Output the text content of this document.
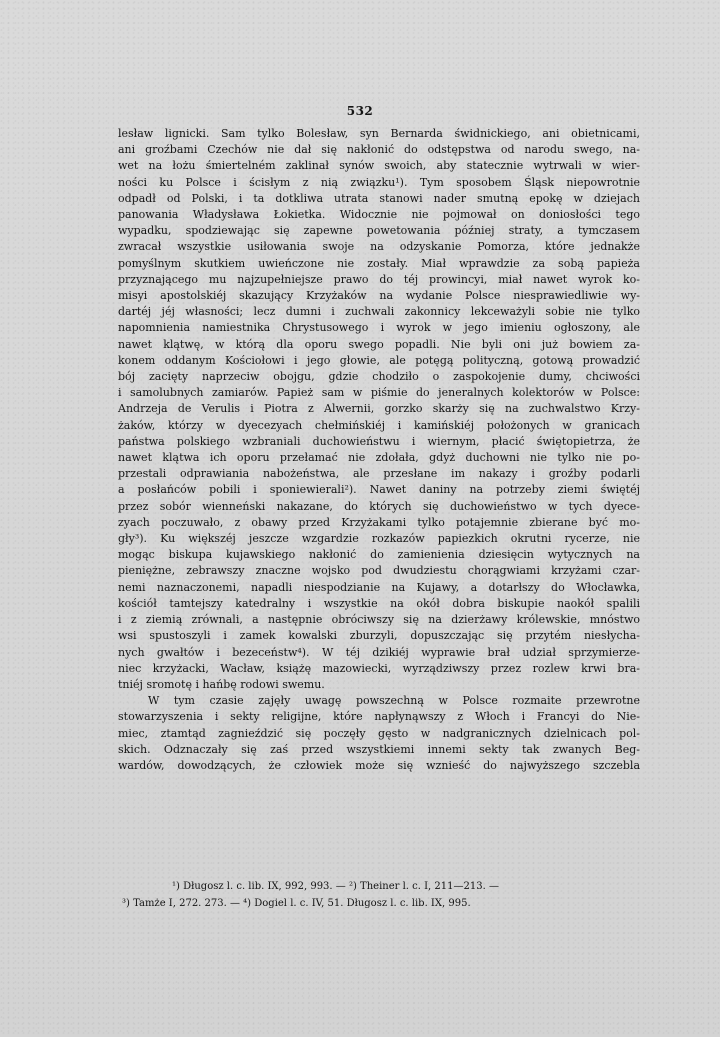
532

lesław lignicki. Sam tylko Bolesław, syn Bernarda świdnickiego, ani obietnicami,

ani groźbami Czechów nie dał się nakłonić do odstępstwa od narodu swego, na-

wet na łożu śmiertelném zaklinał synów swoich, aby statecznie wytrwali w wier-

ności ku Polsce i ścisłym z nią związku¹). Tym sposobem Śląsk niepowrotnie

odpadł od Polski, i ta dotkliwa utrata stanowi nader smutną epokę w dziejach

panowania Władysława Łokietka. Widocznie nie pojmował on doniosłości tego

wypadku, spodziewając się zapewne powetowania później straty, a tymczasem

zwracał wszystkie usiłowania swoje na odzyskanie Pomorza, które jednakże

pomyślnym skutkiem uwieńczone nie zostały. Miał wprawdzie za sobą papieża

przyznającego mu najzupełniejsze prawo do téj prowincyi, miał nawet wyrok ko-

misyi apostolskiéj skazujący Krzyżaków na wydanie Polsce niesprawiedliwie wy-

dartéj jéj własności; lecz dumni i zuchwali zakonnicy lekceważyli sobie nie tylko

napomnienia namiestnika Chrystusowego i wyrok w jego imieniu ogłoszony, ale

nawet klątwę, w którą dla oporu swego popadli. Nie byli oni już bowiem za-

konem oddanym Kościołowi i jego głowie, ale potęgą polityczną, gotową prowadzić

bój zacięty naprzeciw obojgu, gdzie chodziło o zaspokojenie dumy, chciwości

i samolubnych zamiarów. Papież sam w piśmie do jeneralnych kolektorów w Polsce:

Andrzeja de Verulis i Piotra z Alwernii, gorzko skarży się na zuchwalstwo Krzy-

żaków, którzy w dyecezyach chełmińskiéj i kamińskiéj położonych w granicach

państwa polskiego wzbraniali duchowieństwu i wiernym, płacić świętopietrza, że

nawet klątwa ich oporu przełamać nie zdołała, gdyż duchowni nie tylko nie po-

przestali odprawiania nabożeństwa, ale przesłane im nakazy i groźby podarli

a posłańców pobili i sponiewierali²). Nawet daniny na potrzeby ziemi świętéj

przez sobór wienneński nakazane, do których się duchowieństwo w tych dyece-

zyach poczuwało, z obawy przed Krzyżakami tylko potajemnie zbierane być mo-

gły³). Ku większéj jeszcze wzgardzie rozkazów papiezkich okrutni rycerze, nie

mogąc biskupa kujawskiego nakłonić do zamienienia dziesięcin wytycznych na

pieniężne, zebrawszy znaczne wojsko pod dwudziestu chorągwiami krzyżami czar-

nemi naznaczonemi, napadli niespodzianie na Kujawy, a dotarłszy do Włocławka,

kościół tamtejszy katedralny i wszystkie na okół dobra biskupie naokół spalili

i z ziemią zrównali, a następnie obróciwszy się na dzierżawy królewskie, mnóstwo

wsi spustoszyli i zamek kowalski zburzyli, dopuszczając się przytém niesłycha-

nych gwałtów i bezeceństw⁴). W téj dzikiéj wyprawie brał udział sprzymierze-

niec krzyżacki, Wacław, książę mazowiecki, wyrządziwszy przez rozlew krwi bra-

tniéj sromotę i hańbę rodowi swemu.

W tym czasie zajęły uwagę powszechną w Polsce rozmaite przewrotne

stowarzyszenia i sekty religijne, które napłynąwszy z Włoch i Francyi do Nie-

miec, ztamtąd zagnieździć się poczęły gęsto w nadgranicznych dzielnicach pol-

skich. Odznaczały się zaś przed wszystkiemi innemi sekty tak zwanych Beg-

wardów, dowodzących, że człowiek może się wznieść do najwyższego szczebla

¹) Długosz l. c. lib. IX, 992, 993. — ²) Theiner l. c. I, 211—213. —

³) Tamże I, 272. 273. — ⁴) Dogiel l. c. IV, 51. Długosz l. c. lib. IX, 995.
